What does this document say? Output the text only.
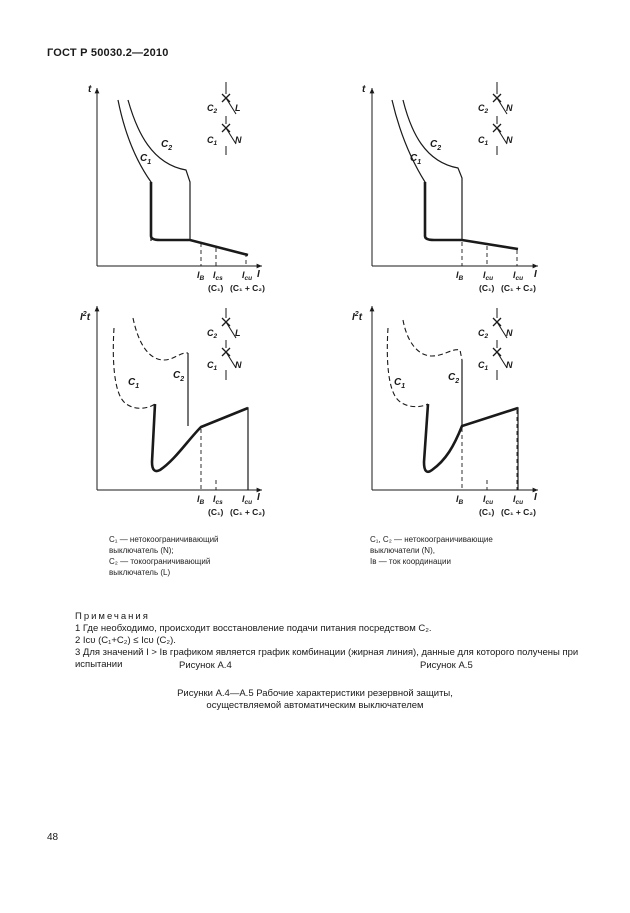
ГОСТ Р 50030.2—2010
t
I
$C_1$
$C_2$
$I_B$ $I_{cs}$ $I_{cu}$
(C₁) (C₁ + C₂)
$C_2$ L
$C_1$ N
t
I
$C_1$
$C_2$
$I_B$ $I_{cu}$ $I_{cu}$
(C₁) (C₁ + C₂)
$C_2$ N
$C_1$ N
$I^2t$
I
$C_1$
$C_2$
$I_B$ $I_{cs}$ $I_{cu}$
(C₁) (C₁ + C₂)
$C_2$ L
$C_1$ N
$I^2t$
I
$C_1$
$C_2$
$I_B$ $I_{cu}$ $I_{cu}$
(C₁) (C₁ + C₂)
$C_2$ N
$C_1$ N
C₁ — нетокоограничивающий
выключатель (N);
C₂ — токоограничивающий
выключатель (L)
C₁, C₂ — нетокоограничивающие
выключатели (N),
Iв — ток координации

Примечания

1 Где необходимо, происходит восстановление подачи питания посредством C₂.

2 Iᴄᴜ (C₁+C₂) ≤ Iᴄᴜ (C₂).

3 Для значений I > Iв графиком является график комбинации (жирная линия), данные для которого получены при испытании	Рисунок А.4	Рисунок А.5
Рисунки А.4—А.5 Рабочие характеристики резервной защиты,
осуществляемой автоматическим выключателем
48
